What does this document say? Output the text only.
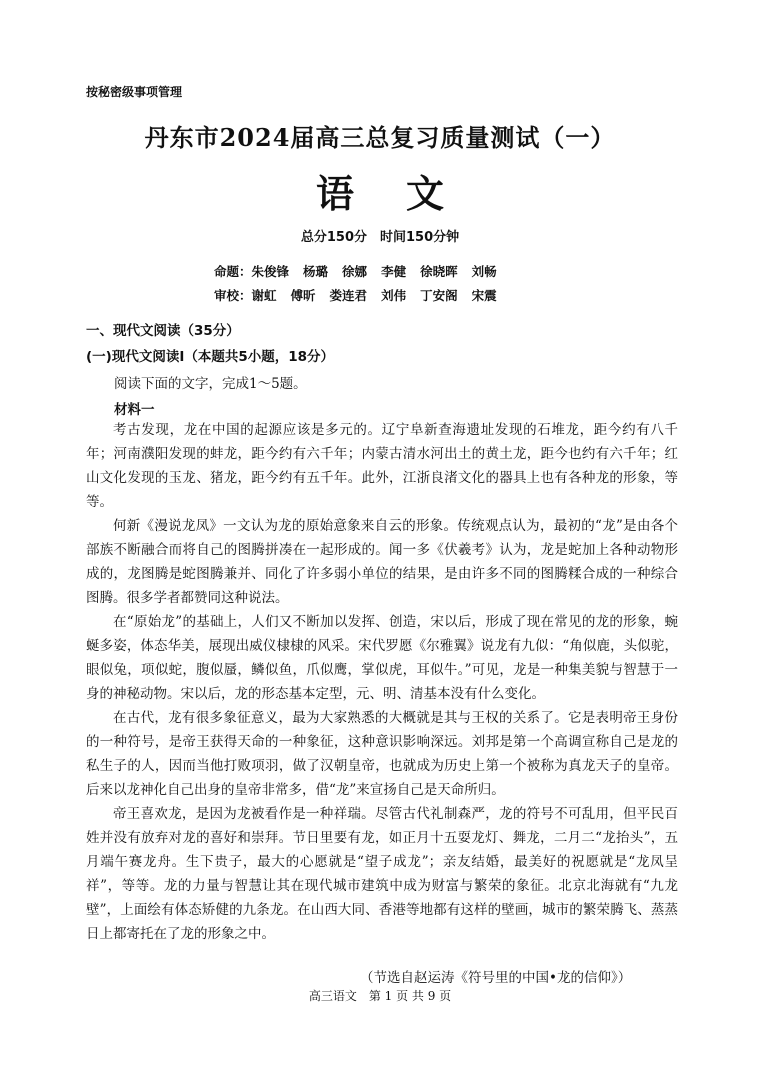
按秘密级事项管理
丹东市2024届高三总复习质量测试（一）
语 文
总分150分　时间150分钟
命题：朱俊锋 杨璐 徐娜 李健 徐晓晖 刘畅
审校：谢虹 傅昕 娄连君 刘伟 丁安阁 宋震
一、现代文阅读（35分）
(一)现代文阅读Ⅰ（本题共5小题，18分）
阅读下面的文字，完成1～5题。
材料一

考古发现，龙在中国的起源应该是多元的。辽宁阜新查海遗址发现的石堆龙，距今约有八千年；河南濮阳发现的蚌龙，距今约有六千年；内蒙古清水河出土的黄土龙，距今也约有六千年；红山文化发现的玉龙、猪龙，距今约有五千年。此外，江浙良渚文化的器具上也有各种龙的形象，等等。

何新《漫说龙凤》一文认为龙的原始意象来自云的形象。传统观点认为，最初的“龙”是由各个部族不断融合而将自己的图腾拼凑在一起形成的。闻一多《伏羲考》认为，龙是蛇加上各种动物形成的，龙图腾是蛇图腾兼并、同化了许多弱小单位的结果，是由许多不同的图腾糅合成的一种综合图腾。很多学者都赞同这种说法。

在“原始龙”的基础上，人们又不断加以发挥、创造，宋以后，形成了现在常见的龙的形象，蜿蜒多姿，体态华美，展现出威仪棣棣的风采。宋代罗愿《尔雅翼》说龙有九似：“角似鹿，头似驼，眼似兔，项似蛇，腹似蜃，鳞似鱼，爪似鹰，掌似虎，耳似牛。”可见，龙是一种集美貌与智慧于一身的神秘动物。宋以后，龙的形态基本定型，元、明、清基本没有什么变化。

在古代，龙有很多象征意义，最为大家熟悉的大概就是其与王权的关系了。它是表明帝王身份的一种符号，是帝王获得天命的一种象征，这种意识影响深远。刘邦是第一个高调宣称自己是龙的私生子的人，因而当他打败项羽，做了汉朝皇帝，也就成为历史上第一个被称为真龙天子的皇帝。后来以龙神化自己出身的皇帝非常多，借“龙”来宣扬自己是天命所归。

帝王喜欢龙，是因为龙被看作是一种祥瑞。尽管古代礼制森严，龙的符号不可乱用，但平民百姓并没有放弃对龙的喜好和崇拜。节日里要有龙，如正月十五耍龙灯、舞龙，二月二“龙抬头”，五月端午赛龙舟。生下贵子，最大的心愿就是“望子成龙”；亲友结婚，最美好的祝愿就是“龙凤呈祥”，等等。龙的力量与智慧让其在现代城市建筑中成为财富与繁荣的象征。北京北海就有“九龙壁”，上面绘有体态矫健的九条龙。在山西大同、香港等地都有这样的壁画，城市的繁荣腾飞、蒸蒸日上都寄托在了龙的形象之中。

（节选自赵运涛《符号里的中国•龙的信仰》）
高三语文　第 1 页 共 9 页
